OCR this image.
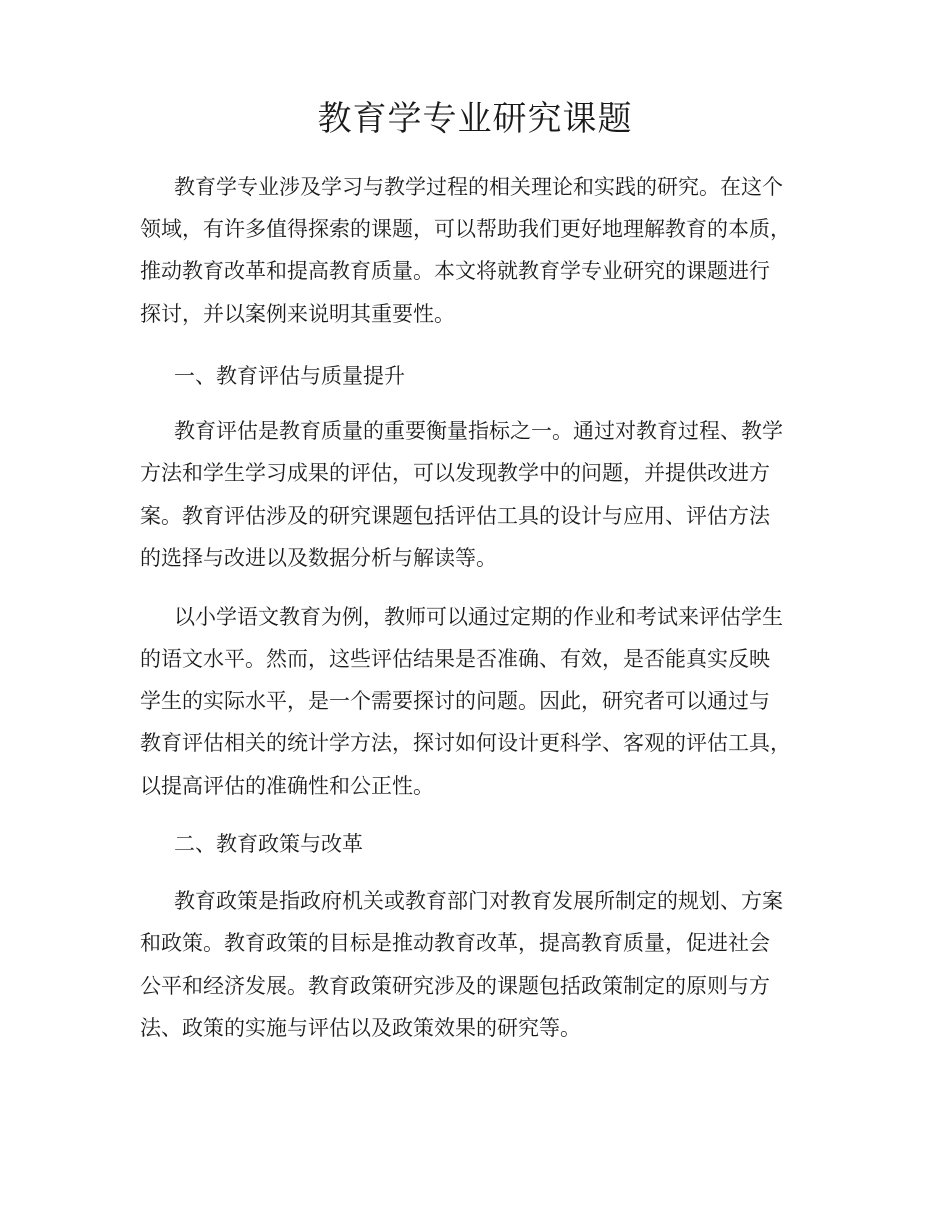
教育学专业研究课题
教育学专业涉及学习与教学过程的相关理论和实践的研究。在这个
领域，有许多值得探索的课题，可以帮助我们更好地理解教育的本质，
推动教育改革和提高教育质量。本文将就教育学专业研究的课题进行
探讨，并以案例来说明其重要性。
一、教育评估与质量提升
教育评估是教育质量的重要衡量指标之一。通过对教育过程、教学
方法和学生学习成果的评估，可以发现教学中的问题，并提供改进方
案。教育评估涉及的研究课题包括评估工具的设计与应用、评估方法
的选择与改进以及数据分析与解读等。
以小学语文教育为例，教师可以通过定期的作业和考试来评估学生
的语文水平。然而，这些评估结果是否准确、有效，是否能真实反映
学生的实际水平，是一个需要探讨的问题。因此，研究者可以通过与
教育评估相关的统计学方法，探讨如何设计更科学、客观的评估工具，
以提高评估的准确性和公正性。
二、教育政策与改革
教育政策是指政府机关或教育部门对教育发展所制定的规划、方案
和政策。教育政策的目标是推动教育改革，提高教育质量，促进社会
公平和经济发展。教育政策研究涉及的课题包括政策制定的原则与方
法、政策的实施与评估以及政策效果的研究等。
